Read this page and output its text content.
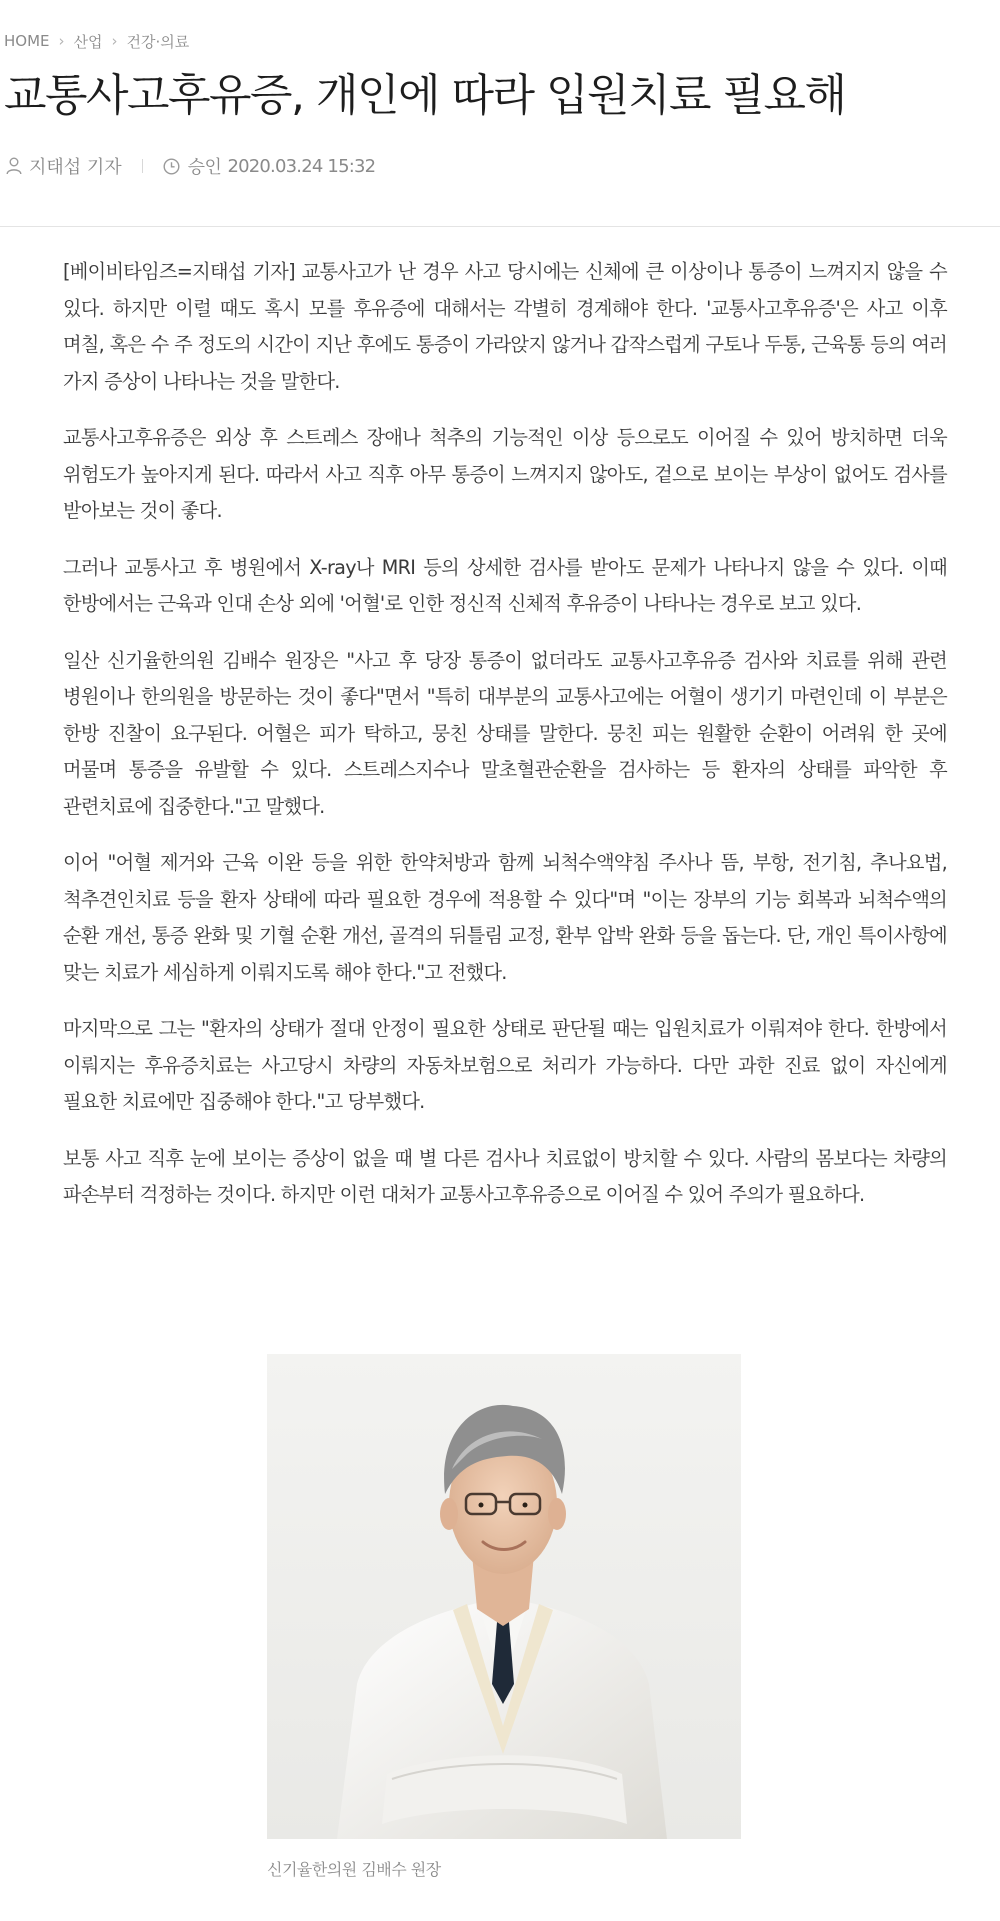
HOME › 산업 › 건강·의료
교통사고후유증, 개인에 따라 입원치료 필요해
지태섭 기자	승인 2020.03.24 15:32

[베이비타임즈=지태섭 기자] 교통사고가 난 경우 사고 당시에는 신체에 큰 이상이나 통증이 느껴지지 않을 수 있다. 하지만 이럴 때도 혹시 모를 후유증에 대해서는 각별히 경계해야 한다. '교통사고후유증'은 사고 이후 며칠, 혹은 수 주 정도의 시간이 지난 후에도 통증이 가라앉지 않거나 갑작스럽게 구토나 두통, 근육통 등의 여러 가지 증상이 나타나는 것을 말한다.

교통사고후유증은 외상 후 스트레스 장애나 척추의 기능적인 이상 등으로도 이어질 수 있어 방치하면 더욱 위험도가 높아지게 된다. 따라서 사고 직후 아무 통증이 느껴지지 않아도, 겉으로 보이는 부상이 없어도 검사를 받아보는 것이 좋다.

그러나 교통사고 후 병원에서 X-ray나 MRI 등의 상세한 검사를 받아도 문제가 나타나지 않을 수 있다. 이때 한방에서는 근육과 인대 손상 외에 '어혈'로 인한 정신적 신체적 후유증이 나타나는 경우로 보고 있다.

일산 신기율한의원 김배수 원장은 "사고 후 당장 통증이 없더라도 교통사고후유증 검사와 치료를 위해 관련 병원이나 한의원을 방문하는 것이 좋다"면서 "특히 대부분의 교통사고에는 어혈이 생기기 마련인데 이 부분은 한방 진찰이 요구된다. 어혈은 피가 탁하고, 뭉친 상태를 말한다. 뭉친 피는 원활한 순환이 어려워 한 곳에 머물며 통증을 유발할 수 있다. 스트레스지수나 말초혈관순환을 검사하는 등 환자의 상태를 파악한 후 관련치료에 집중한다."고 말했다.

이어 "어혈 제거와 근육 이완 등을 위한 한약처방과 함께 뇌척수액약침 주사나 뜸, 부항, 전기침, 추나요법, 척추견인치료 등을 환자 상태에 따라 필요한 경우에 적용할 수 있다"며 "이는 장부의 기능 회복과 뇌척수액의 순환 개선, 통증 완화 및 기혈 순환 개선, 골격의 뒤틀림 교정, 환부 압박 완화 등을 돕는다. 단, 개인 특이사항에 맞는 치료가 세심하게 이뤄지도록 해야 한다."고 전했다.

마지막으로 그는 "환자의 상태가 절대 안정이 필요한 상태로 판단될 때는 입원치료가 이뤄져야 한다. 한방에서 이뤄지는 후유증치료는 사고당시 차량의 자동차보험으로 처리가 가능하다. 다만 과한 진료 없이 자신에게 필요한 치료에만 집중해야 한다."고 당부했다.

보통 사고 직후 눈에 보이는 증상이 없을 때 별 다른 검사나 치료없이 방치할 수 있다. 사람의 몸보다는 차량의 파손부터 걱정하는 것이다. 하지만 이런 대처가 교통사고후유증으로 이어질 수 있어 주의가 필요하다.

신기율한의원 김배수 원장
